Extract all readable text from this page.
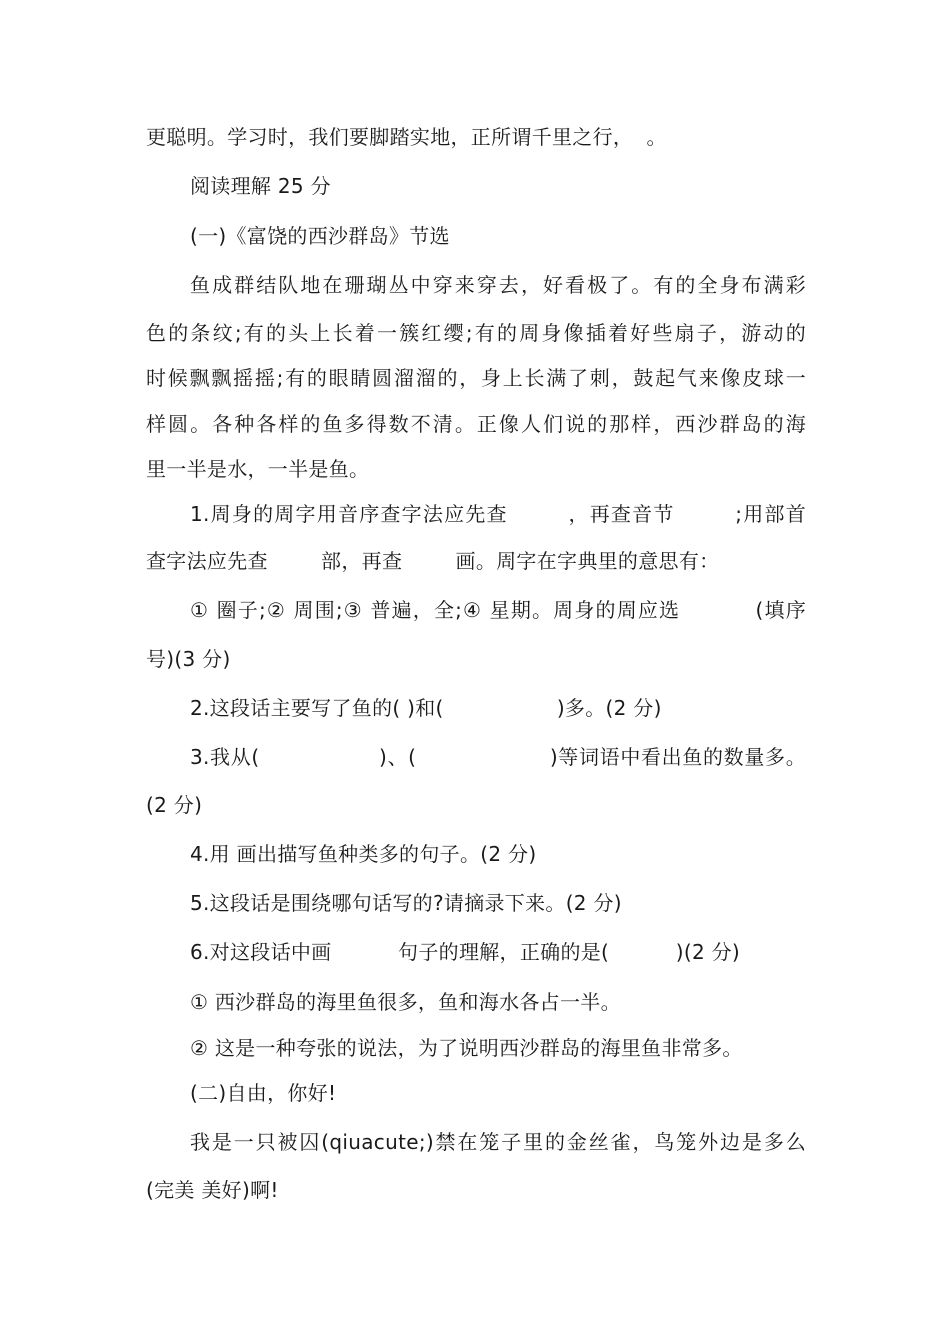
更聪明。学习时，我们要脚踏实地，正所谓千里之行，  。
阅读理解 25 分
(一)《富饶的西沙群岛》节选
鱼成群结队地在珊瑚丛中穿来穿去，好看极了。有的全身布满彩
色的条纹;有的头上长着一簇红缨;有的周身像插着好些扇子，游动的
时候飘飘摇摇;有的眼睛圆溜溜的，身上长满了刺，鼓起气来像皮球一
样圆。各种各样的鱼多得数不清。正像人们说的那样，西沙群岛的海
里一半是水，一半是鱼。
1.周身的周字用音序查字法应先查        ，再查音节        ;用部首
查字法应先查        部，再查        画。周字在字典里的意思有：
① 圈子;② 周围;③ 普遍，全;④ 星期。周身的周应选          (填序
号)(3 分)
2.这段话主要写了鱼的( )和(                 )多。(2 分)
3.我从(                 )、(                   )等词语中看出鱼的数量多。
(2 分)
4.用 画出描写鱼种类多的句子。(2 分)
5.这段话是围绕哪句话写的?请摘录下来。(2 分)
6.对这段话中画          句子的理解，正确的是(          )(2 分)
① 西沙群岛的海里鱼很多，鱼和海水各占一半。
② 这是一种夸张的说法，为了说明西沙群岛的海里鱼非常多。
(二)自由，你好!
我是一只被囚(qiuacute;)禁在笼子里的金丝雀，鸟笼外边是多么
(完美 美好)啊!
